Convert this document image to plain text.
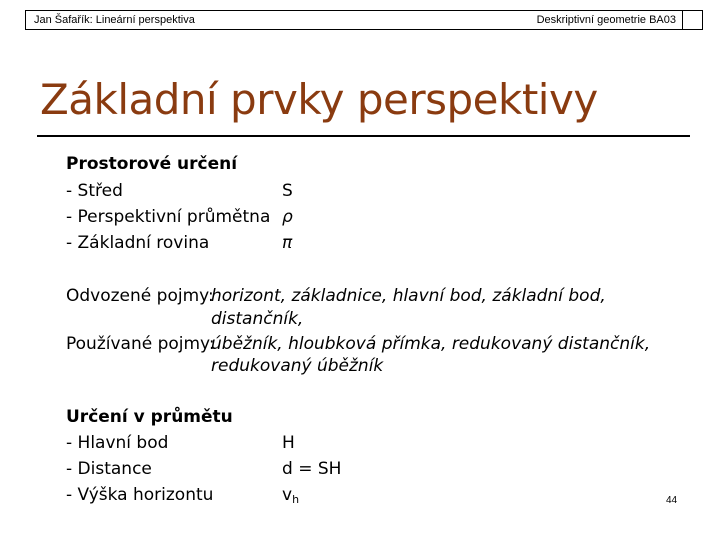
Jan Šafařík: Lineární perspektiva	Deskriptivní geometrie BA03
Základní prvky perspektivy
Prostorové určení
- Střed	S
- Perspektivní průmětna ρ
- Základní rovina	π
Odvozené pojmy:
horizont, základnice, hlavní bod, základní bod,
distančník,
Používané pojmy:
úběžník, hloubková přímka, redukovaný distančník,
redukovaný úběžník
Určení v průmětu
- Hlavní bod	H
- Distance	d = SH
- Výška horizontu	$v_h$	44
